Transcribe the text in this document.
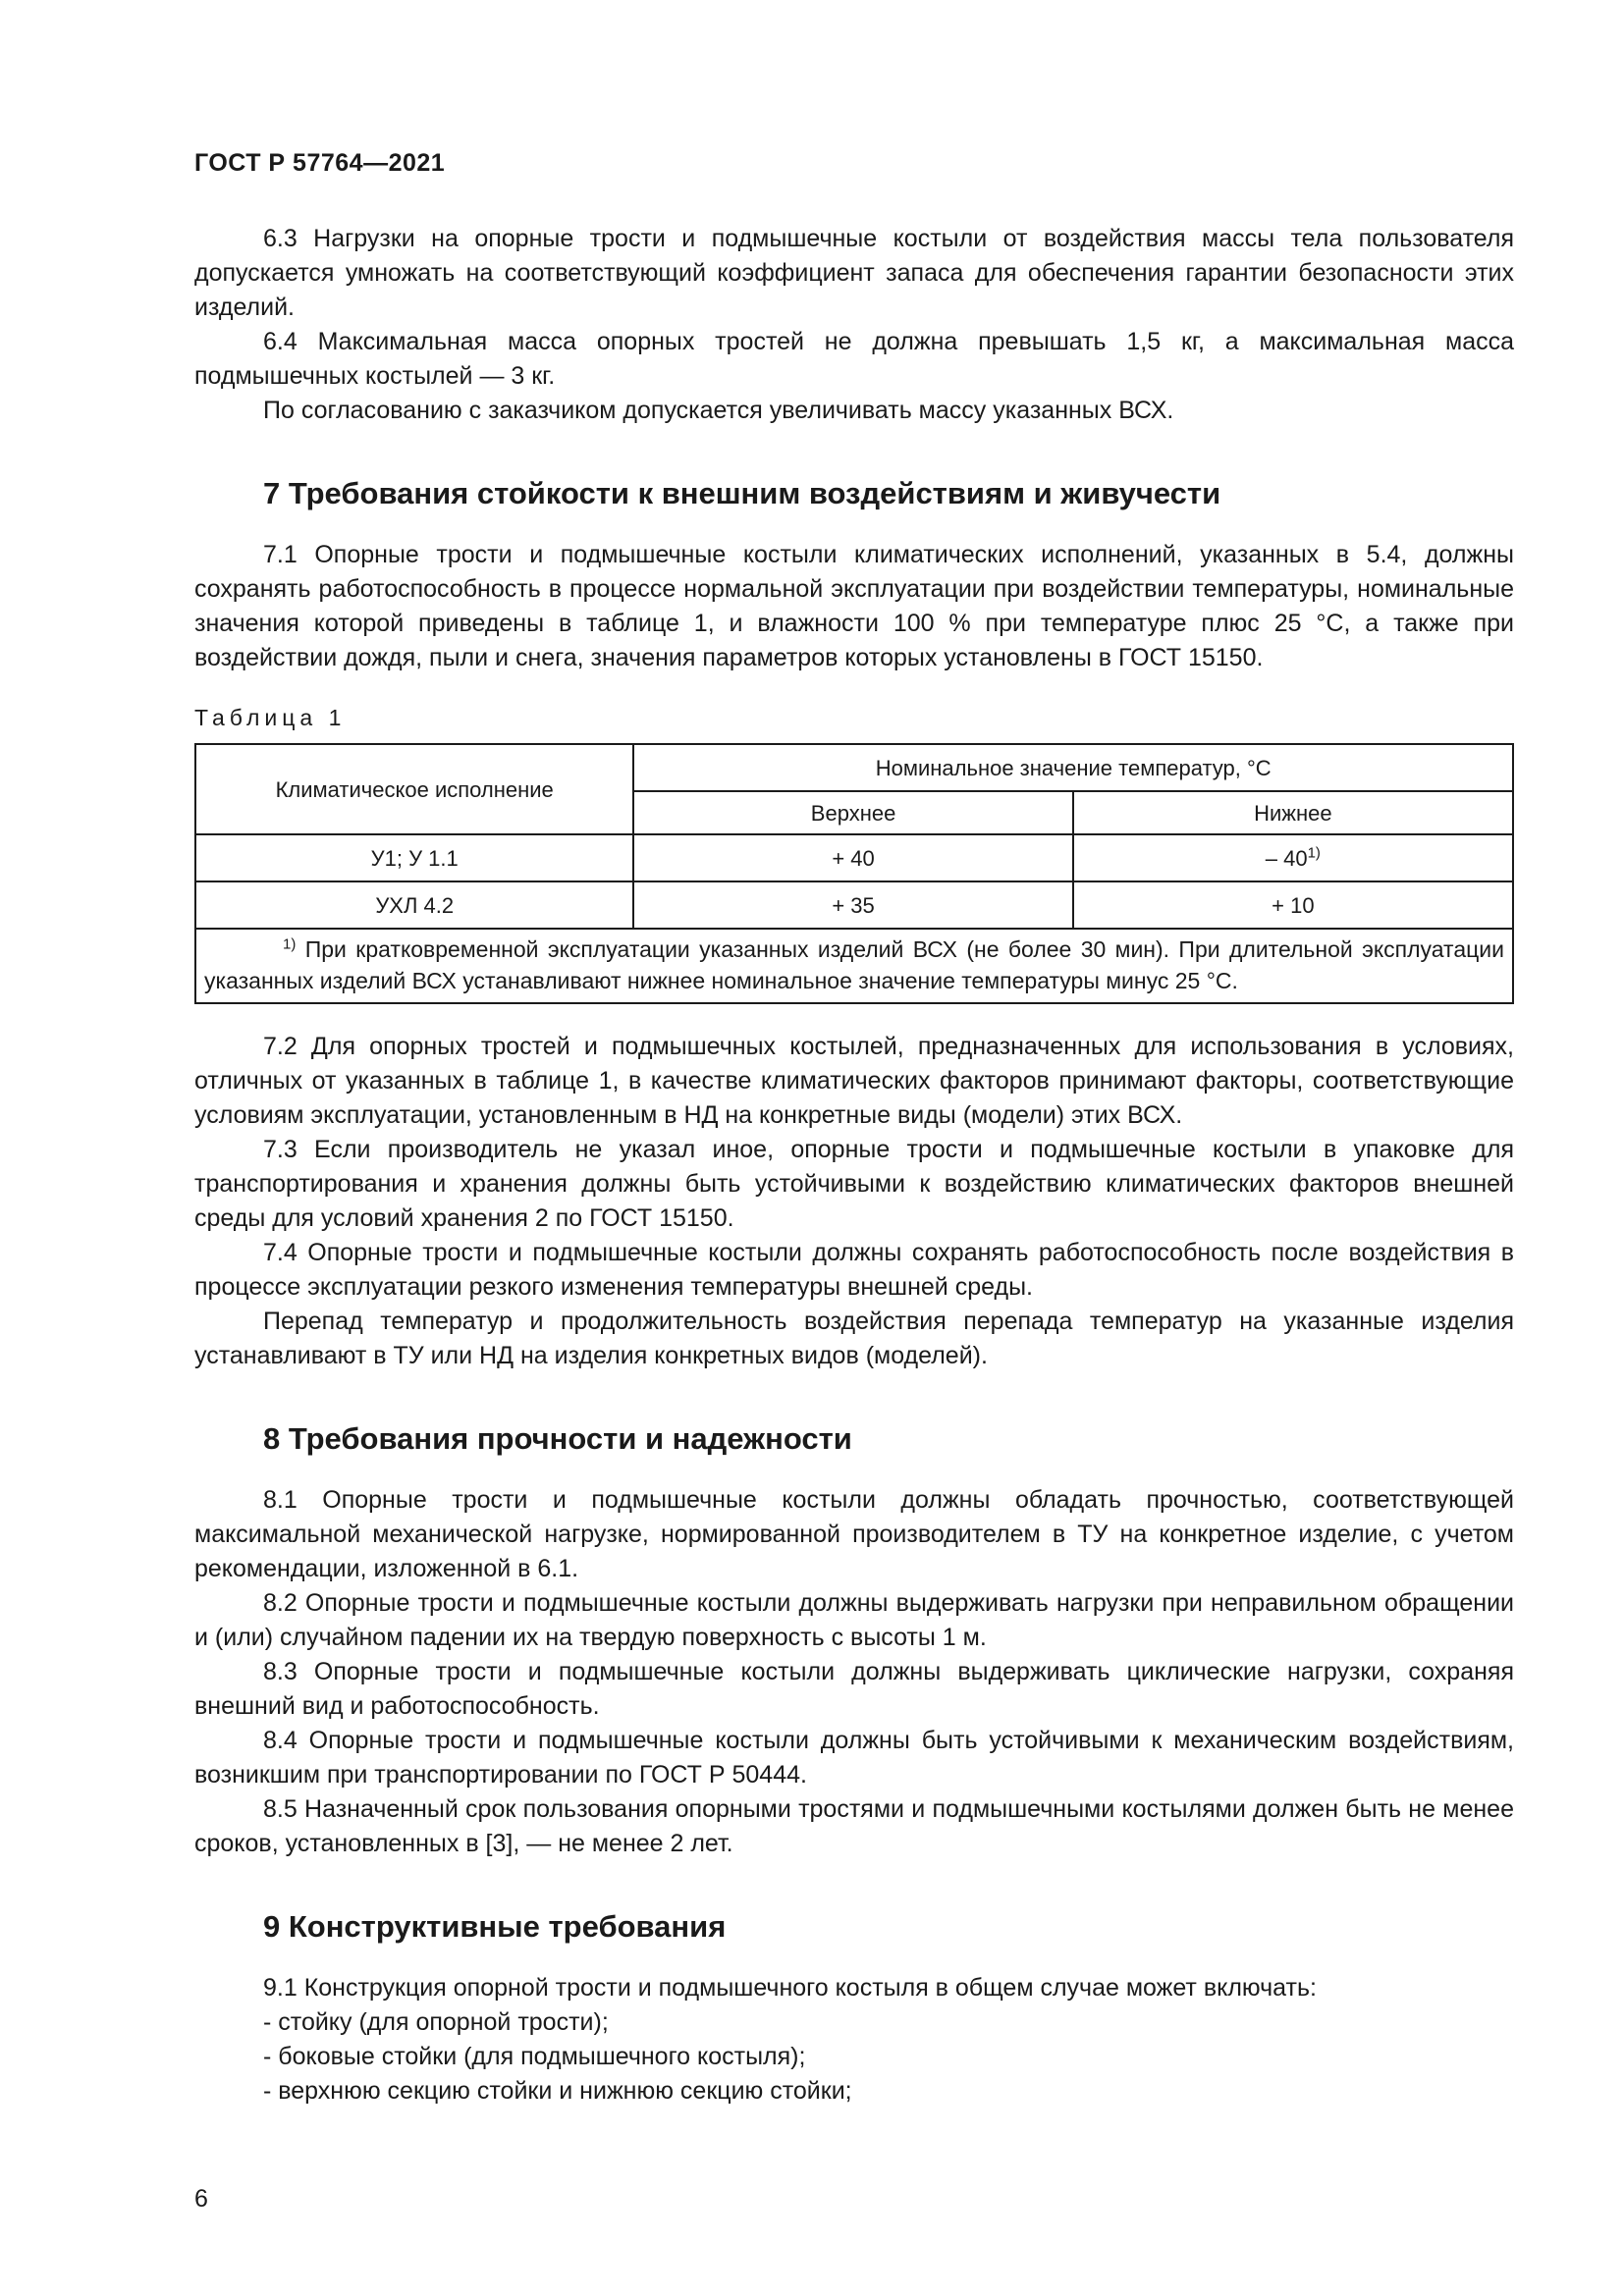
ГОСТ Р 57764—2021

6.3 Нагрузки на опорные трости и подмышечные костыли от воздействия массы тела пользователя допускается умножать на соответствующий коэффициент запаса для обеспечения гарантии безопасности этих изделий.

6.4 Максимальная масса опорных тростей не должна превышать 1,5 кг, а максимальная масса подмышечных костылей — 3 кг.

По согласованию с заказчиком допускается увеличивать массу указанных ВСХ.

7 Требования стойкости к внешним воздействиям и живучести

7.1 Опорные трости и подмышечные костыли климатических исполнений, указанных в 5.4, должны сохранять работоспособность в процессе нормальной эксплуатации при воздействии температуры, номинальные значения которой приведены в таблице 1, и влажности 100 % при температуре плюс 25 °С, а также при воздействии дождя, пыли и снега, значения параметров которых установлены в ГОСТ 15150.

Таблица 1
Климатическое исполнение	Номинальное значение температур, °С	
	Верхнее	Нижнее
У1; У 1.1	+ 40	– 40$^{1)}$
УХЛ 4.2	+ 35	+ 10

$^{1)}$ При кратковременной эксплуатации указанных изделий ВСХ (не более 30 мин). При длительной эксплуатации указанных изделий ВСХ устанавливают нижнее номинальное значение температуры минус 25 °С.		

7.2 Для опорных тростей и подмышечных костылей, предназначенных для использования в условиях, отличных от указанных в таблице 1, в качестве климатических факторов принимают факторы, соответствующие условиям эксплуатации, установленным в НД на конкретные виды (модели) этих ВСХ.

7.3 Если производитель не указал иное, опорные трости и подмышечные костыли в упаковке для транспортирования и хранения должны быть устойчивыми к воздействию климатических факторов внешней среды для условий хранения 2 по ГОСТ 15150.

7.4 Опорные трости и подмышечные костыли должны сохранять работоспособность после воздействия в процессе эксплуатации резкого изменения температуры внешней среды.

Перепад температур и продолжительность воздействия перепада температур на указанные изделия устанавливают в ТУ или НД на изделия конкретных видов (моделей).

8 Требования прочности и надежности

8.1 Опорные трости и подмышечные костыли должны обладать прочностью, соответствующей максимальной механической нагрузке, нормированной производителем в ТУ на конкретное изделие, с учетом рекомендации, изложенной в 6.1.

8.2 Опорные трости и подмышечные костыли должны выдерживать нагрузки при неправильном обращении и (или) случайном падении их на твердую поверхность с высоты 1 м.

8.3 Опорные трости и подмышечные костыли должны выдерживать циклические нагрузки, сохраняя внешний вид и работоспособность.

8.4 Опорные трости и подмышечные костыли должны быть устойчивыми к механическим воздействиям, возникшим при транспортировании по ГОСТ Р 50444.

8.5 Назначенный срок пользования опорными тростями и подмышечными костылями должен быть не менее сроков, установленных в [3], — не менее 2 лет.

9 Конструктивные требования

9.1 Конструкция опорной трости и подмышечного костыля в общем случае может включать:

- стойку (для опорной трости);

- боковые стойки (для подмышечного костыля);

- верхнюю секцию стойки и нижнюю секцию стойки;

6
